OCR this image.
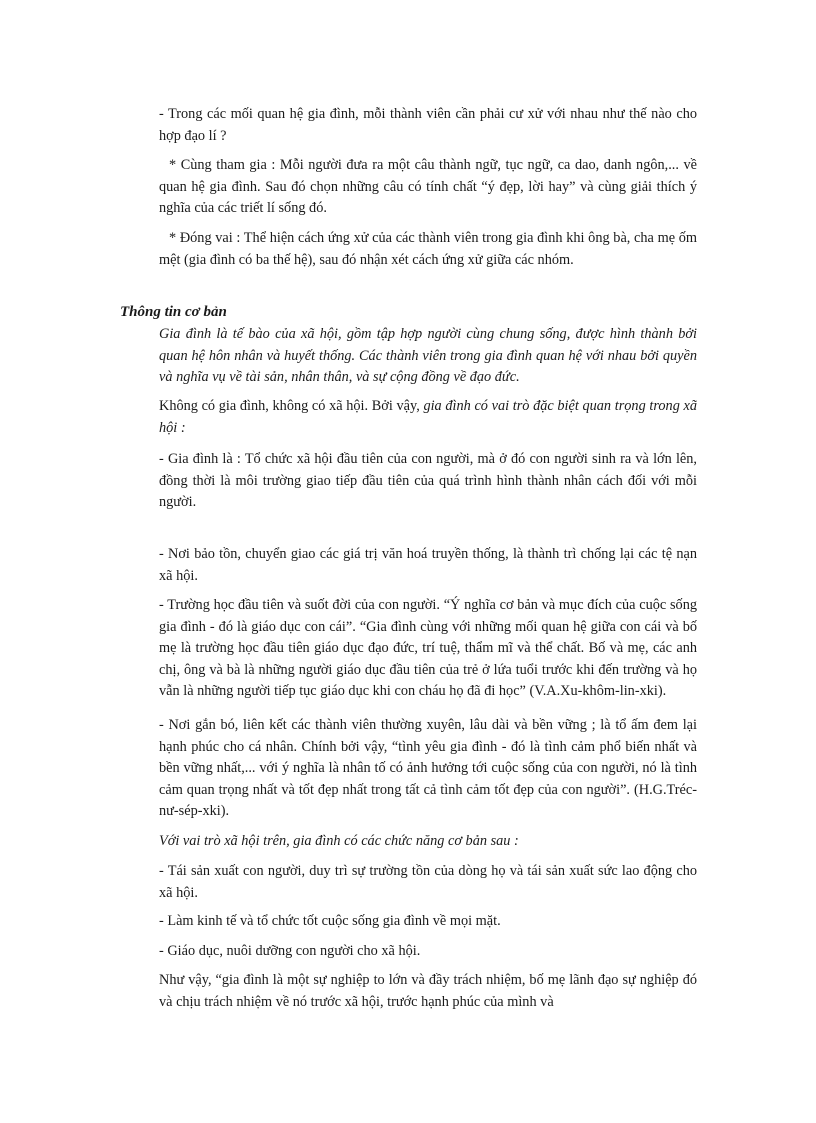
- Trong các mối quan hệ gia đình, mỗi thành viên cần phải cư xử với nhau như thế nào cho hợp đạo lí ?

* Cùng tham gia : Mỗi người đưa ra một câu thành ngữ, tục ngữ, ca dao, danh ngôn,... về quan hệ gia đình. Sau đó chọn những câu có tính chất “ý đẹp, lời hay” và cùng giải thích ý nghĩa của các triết lí sống đó.

* Đóng vai : Thể hiện cách ứng xử của các thành viên trong gia đình khi ông bà, cha mẹ ốm mệt (gia đình có ba thế hệ), sau đó nhận xét cách ứng xử giữa các nhóm.

Thông tin cơ bản

Gia đình là tế bào của xã hội, gồm tập hợp người cùng chung sống, được hình thành bởi quan hệ hôn nhân và huyết thống. Các thành viên trong gia đình quan hệ với nhau bởi quyền và nghĩa vụ về tài sản, nhân thân, và sự cộng đồng về đạo đức.

Không có gia đình, không có xã hội. Bởi vậy, gia đình có vai trò đặc biệt quan trọng trong xã hội :

- Gia đình là : Tổ chức xã hội đầu tiên của con người, mà ở đó con người sinh ra và lớn lên, đồng thời là môi trường giao tiếp đầu tiên của quá trình hình thành nhân cách đối với mỗi người.

- Nơi bảo tồn, chuyển giao các giá trị văn hoá truyền thống, là thành trì chống lại các tệ nạn xã hội.

- Trường học đầu tiên và suốt đời của con người. “Ý nghĩa cơ bản và mục đích của cuộc sống gia đình - đó là giáo dục con cái”. “Gia đình cùng với những mối quan hệ giữa con cái và bố mẹ là trường học đầu tiên giáo dục đạo đức, trí tuệ, thẩm mĩ và thể chất. Bố và mẹ, các anh chị, ông và bà là những người giáo dục đầu tiên của trẻ ở lứa tuổi trước khi đến trường và họ vẫn là những người tiếp tục giáo dục khi con cháu họ đã đi học” (V.A.Xu-khôm-lin-xki).

- Nơi gắn bó, liên kết các thành viên thường xuyên, lâu dài và bền vững ; là tổ ấm đem lại hạnh phúc cho cá nhân. Chính bởi vậy, “tình yêu gia đình - đó là tình cảm phổ biến nhất và bền vững nhất,... với ý nghĩa là nhân tố có ảnh hưởng tới cuộc sống của con người, nó là tình cảm quan trọng nhất và tốt đẹp nhất trong tất cả tình cảm tốt đẹp của con người”. (H.G.Tréc-nư-sép-xki).

Với vai trò xã hội trên, gia đình có các chức năng cơ bản sau :

- Tái sản xuất con người, duy trì sự trường tồn của dòng họ và tái sản xuất sức lao động cho xã hội.

- Làm kinh tế và tổ chức tốt cuộc sống gia đình về mọi mặt.

- Giáo dục, nuôi dưỡng con người cho xã hội.

Như vậy, “gia đình là một sự nghiệp to lớn và đầy trách nhiệm, bố mẹ lãnh đạo sự nghiệp đó và chịu trách nhiệm về nó trước xã hội, trước hạnh phúc của mình và
